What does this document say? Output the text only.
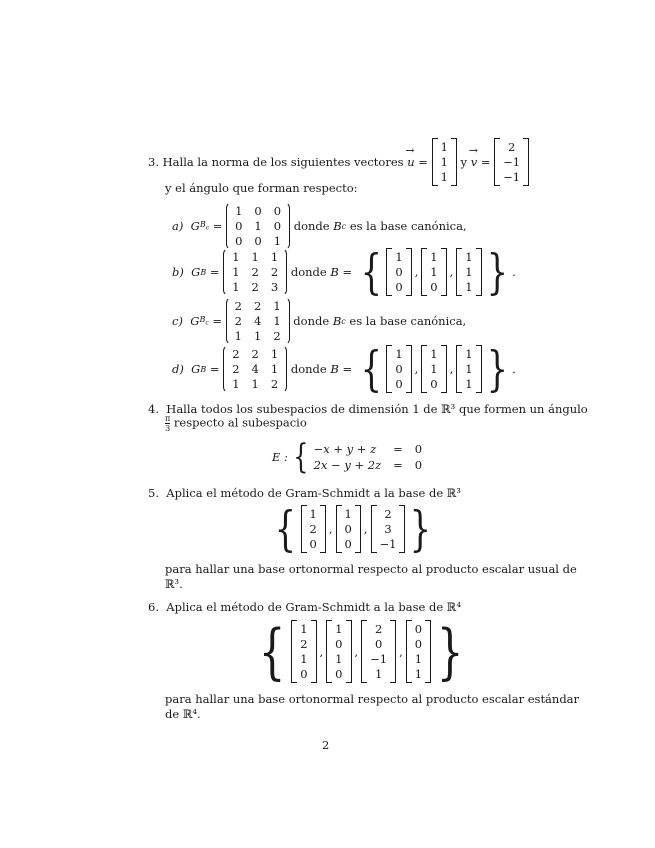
3.
Halla la norma de los siguientes vectores
→ u
=

1
1
1

y
→ v
=

2
−1
−1
y el ángulo que forman respecto:
a)
G $B_c$
=

1 0 0
0 1 0
0 0 1

donde
B c
es la base canónica,
b)
G B
=

1 1 1
1 2 2
1 2 3

donde
B
=
{ 1
0
0
,
1
1
0
,
1
1
1 } .
c)
G $B_c$
=

2 2 1
2 4 1
1 1 2

donde
B c
es la base canónica,
d)
G B
=

2 2 1
2 4 1
1 1 2

donde
B
=
{ 1
0
0
,
1
1
0
,
1
1
1 } .
4. Halla todos los subespacios de dimensión 1 de ℝ³ que formen un ángulo
$\frac{\pi}{3}$ respecto al subespacio
E : { −x + y + z	= 0
2x − y + 2z = 0
5. Aplica el método de Gram-Schmidt a la base de ℝ³
{ 1
2
0
,
1
0
0
,
2
3
−1 }
para hallar una base ortonormal respecto al producto escalar usual de
ℝ³.
6. Aplica el método de Gram-Schmidt a la base de ℝ⁴
{ 1
2
1
0
,
1
0
1
0
,
2
0
−1
1
,
0
0
1
1 }
para hallar una base ortonormal respecto al producto escalar estándar
de ℝ⁴.
2
